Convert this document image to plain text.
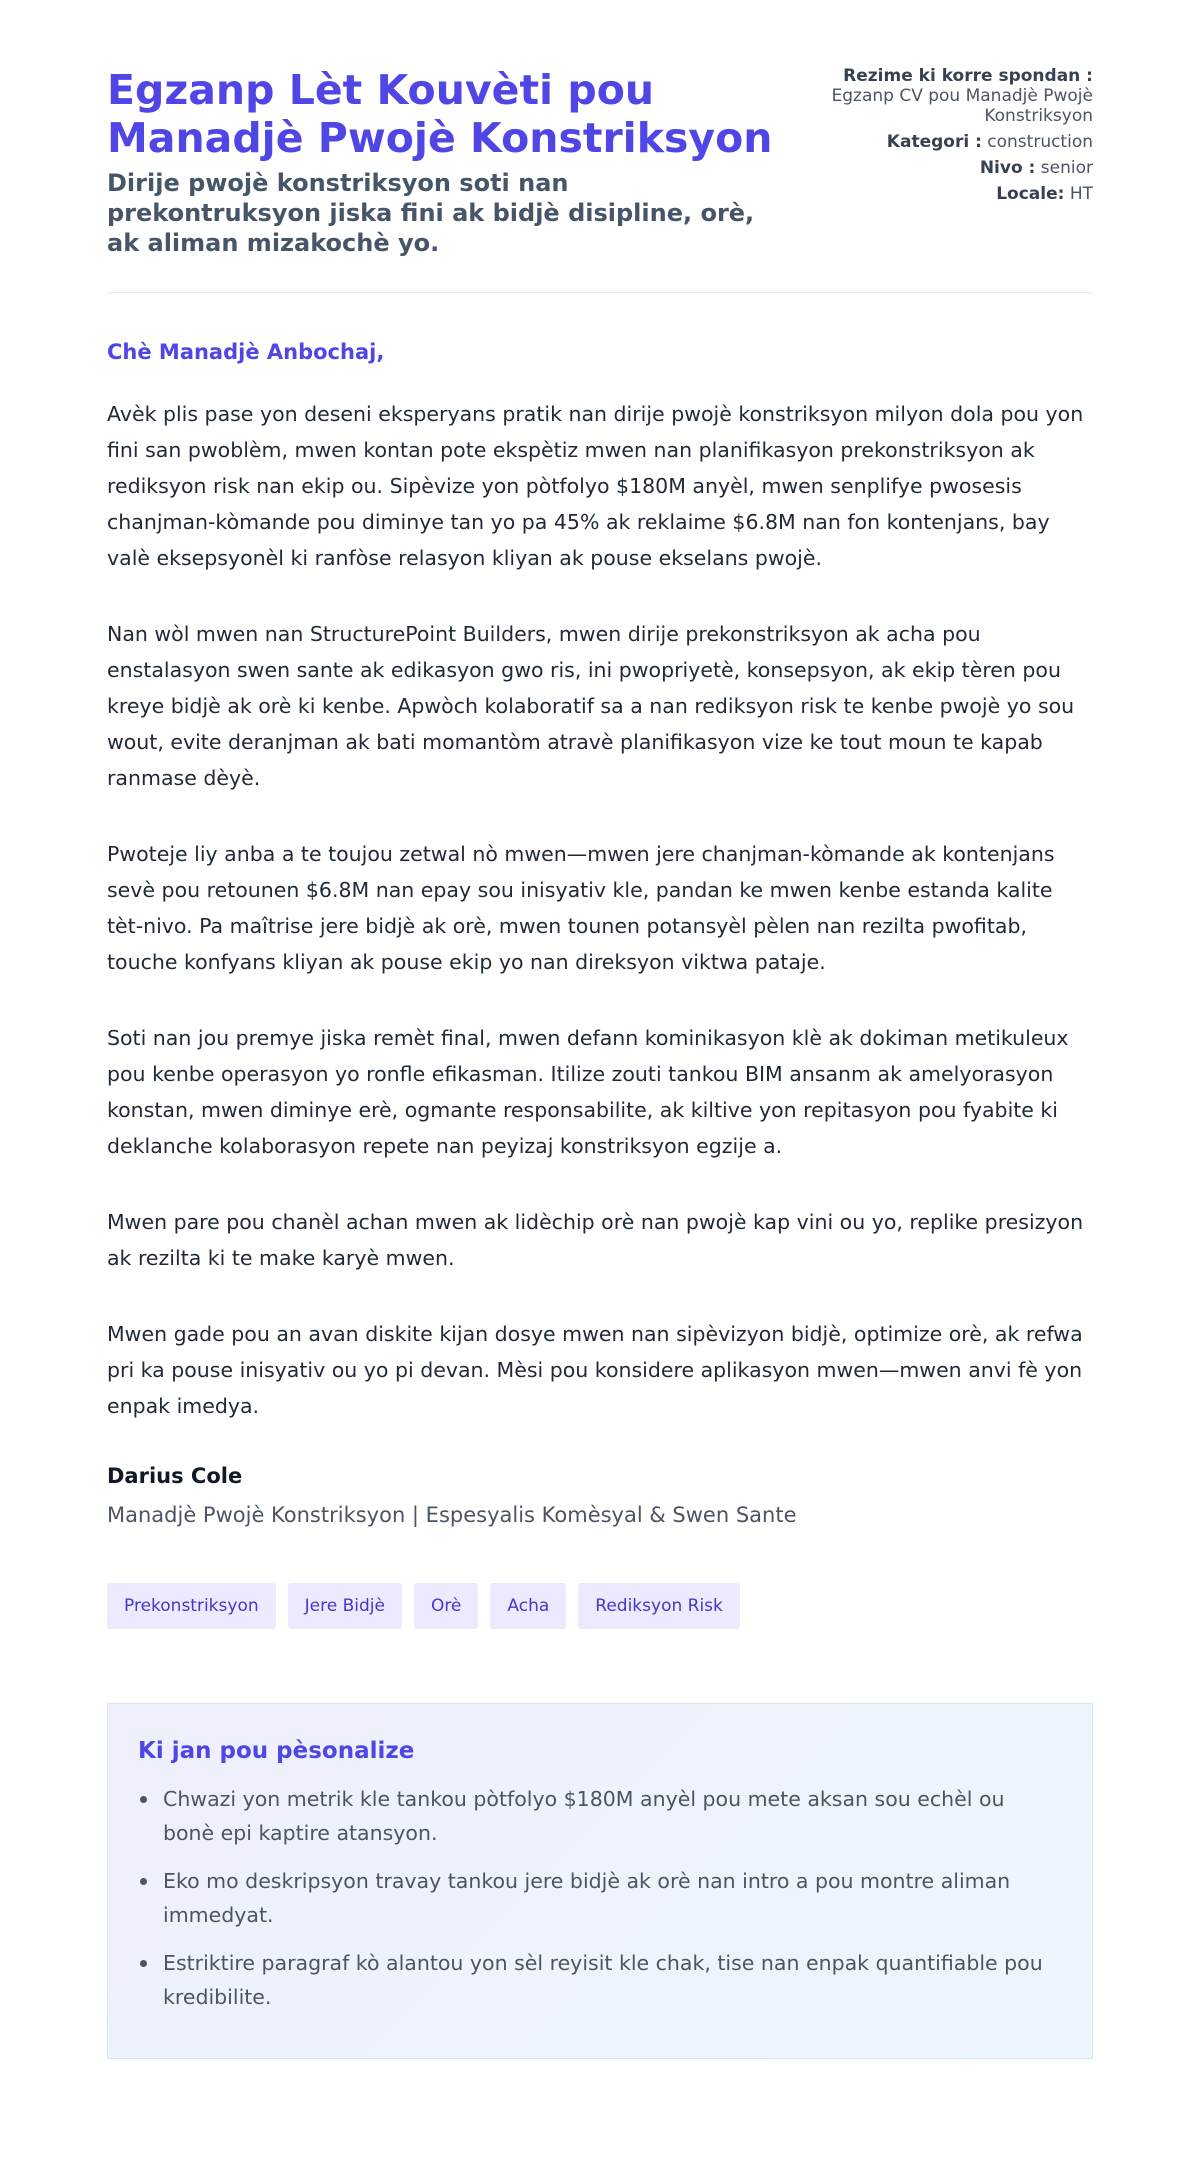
Egzanp Lèt Kouvèti pou Manadjè Pwojè Konstriksyon
Dirije pwojè konstriksyon soti nan prekontruksyon jiska fini ak bidjè disipline, orè, ak aliman mizakochè yo.
Rezime ki korre spondan :
Egzanp CV pou Manadjè Pwojè Konstriksyon
Kategori : construction
Nivo : senior
Locale: HT
Chè Manadjè Anbochaj,

Avèk plis pase yon deseni eksperyans pratik nan dirije pwojè konstriksyon milyon dola pou yon fini san pwoblèm, mwen kontan pote ekspètiz mwen nan planifikasyon prekonstriksyon ak rediksyon risk nan ekip ou. Sipèvize yon pòtfolyo $180M anyèl, mwen senplifye pwosesis chanjman-kòmande pou diminye tan yo pa 45% ak reklaime $6.8M nan fon kontenjans, bay valè eksepsyonèl ki ranfòse relasyon kliyan ak pouse ekselans pwojè.

Nan wòl mwen nan StructurePoint Builders, mwen dirije prekonstriksyon ak acha pou enstalasyon swen sante ak edikasyon gwo ris, ini pwopriyetè, konsepsyon, ak ekip tèren pou kreye bidjè ak orè ki kenbe. Apwòch kolaboratif sa a nan rediksyon risk te kenbe pwojè yo sou wout, evite deranjman ak bati momantòm atravè planifikasyon vize ke tout moun te kapab ranmase dèyè.

Pwoteje liy anba a te toujou zetwal nò mwen—mwen jere chanjman-kòmande ak kontenjans sevè pou retounen $6.8M nan epay sou inisyativ kle, pandan ke mwen kenbe estanda kalite tèt-nivo. Pa maîtrise jere bidjè ak orè, mwen tounen potansyèl pèlen nan rezilta pwofitab, touche konfyans kliyan ak pouse ekip yo nan direksyon viktwa pataje.

Soti nan jou premye jiska remèt final, mwen defann kominikasyon klè ak dokiman metikuleux pou kenbe operasyon yo ronfle efikasman. Itilize zouti tankou BIM ansanm ak amelyorasyon konstan, mwen diminye erè, ogmante responsabilite, ak kiltive yon repitasyon pou fyabite ki deklanche kolaborasyon repete nan peyizaj konstriksyon egzije a.

Mwen pare pou chanèl achan mwen ak lidèchip orè nan pwojè kap vini ou yo, replike presizyon ak rezilta ki te make karyè mwen.

Mwen gade pou an avan diskite kijan dosye mwen nan sipèvizyon bidjè, optimize orè, ak refwa pri ka pouse inisyativ ou yo pi devan. Mèsi pou konsidere aplikasyon mwen—mwen anvi fè yon enpak imedya.

Darius Cole
Manadjè Pwojè Konstriksyon | Espesyalis Komèsyal & Swen Sante
Prekonstriksyon	Jere Bidjè	Orè	Acha	Rediksyon Risk
Ki jan pou pèsonalize
Chwazi yon metrik kle tankou pòtfolyo $180M anyèl pou mete aksan sou echèl ou bonè epi kaptire atansyon.
Eko mo deskripsyon travay tankou jere bidjè ak orè nan intro a pou montre aliman immedyat.
Estriktire paragraf kò alantou yon sèl reyisit kle chak, tise nan enpak quantifiable pou kredibilite.
